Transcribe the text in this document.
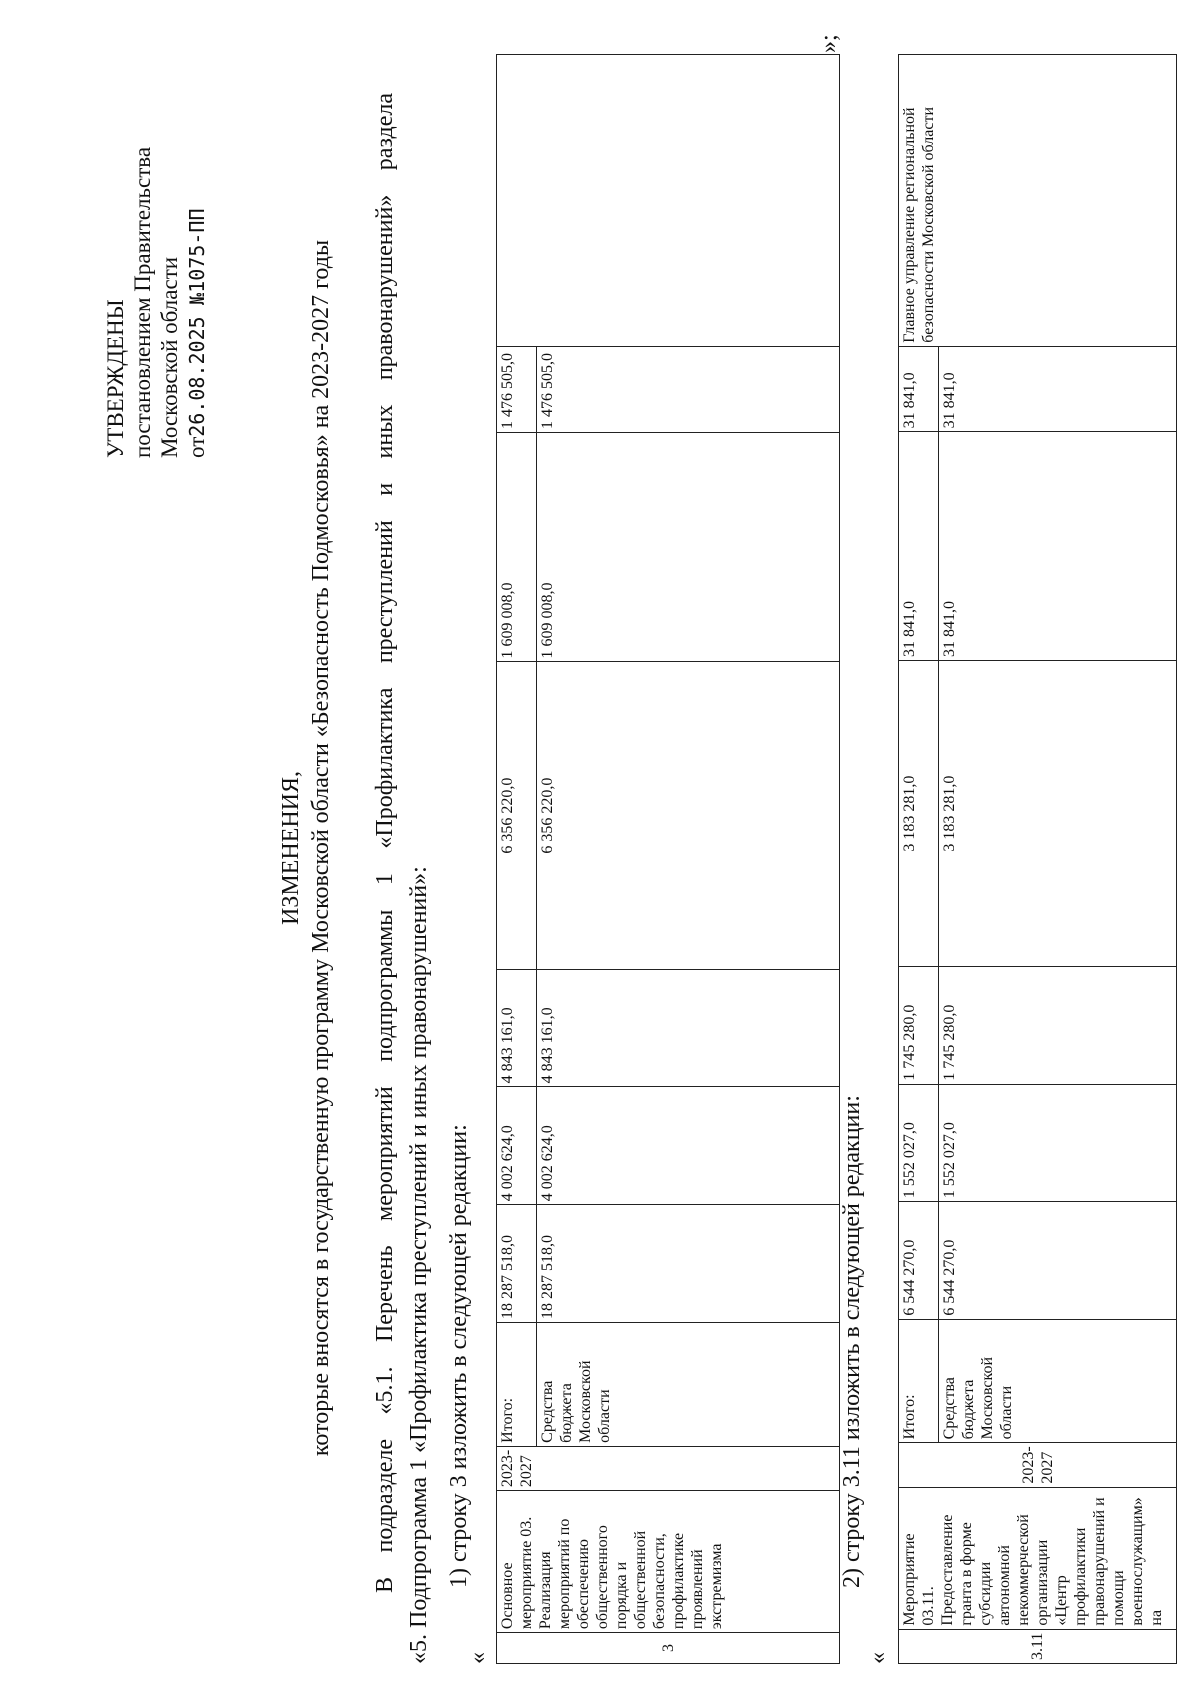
УТВЕРЖДЕНЫ постановлением Правительства Московской области от26.08.2025  №1075-ПП
ИЗМЕНЕНИЯ, которые вносятся в государственную программу Московской области «Безопасность Подмосковья» на 2023-2027 годы В подразделе «5.1. Перечень мероприятий подпрограммы 1 «Профилактика преступлений и иных правонарушений» раздела «5. Подпрограмма 1 «Профилактика преступлений и иных правонарушений»: 1) строку 3 изложить в следующей редакции:
«
3	Основное мероприятие 03. Реализация мероприятий по обеспечению общественного порядка и общественной безопасности, профилактике проявлений экстремизма	2023-2027	Итого:	18 287 518,0	4 002 624,0	4 843 161,0	6 356 220,0	1 609 008,0	1 476 505,0	
			Средства бюджета Московской области	18 287 518,0	4 002 624,0	4 843 161,0	6 356 220,0	1 609 008,0	1 476 505,0	
»;
2) строку 3.11 изложить в следующей редакции:
«	3.11	Мероприятие 03.11. Предоставление гранта в форме субсидии автономной некоммерческой организации «Центр профилактики правонарушений и помощи военнослужащим» на	2023-2027	Итого:	6 544 270,0	1 552 027,0	1 745 280,0	3 183 281,0	31 841,0	31 841,0	Главное управление региональной безопасности Московской области
			Средства бюджета Московской области	6 544 270,0	1 552 027,0	1 745 280,0	3 183 281,0	31 841,0	31 841,0	
